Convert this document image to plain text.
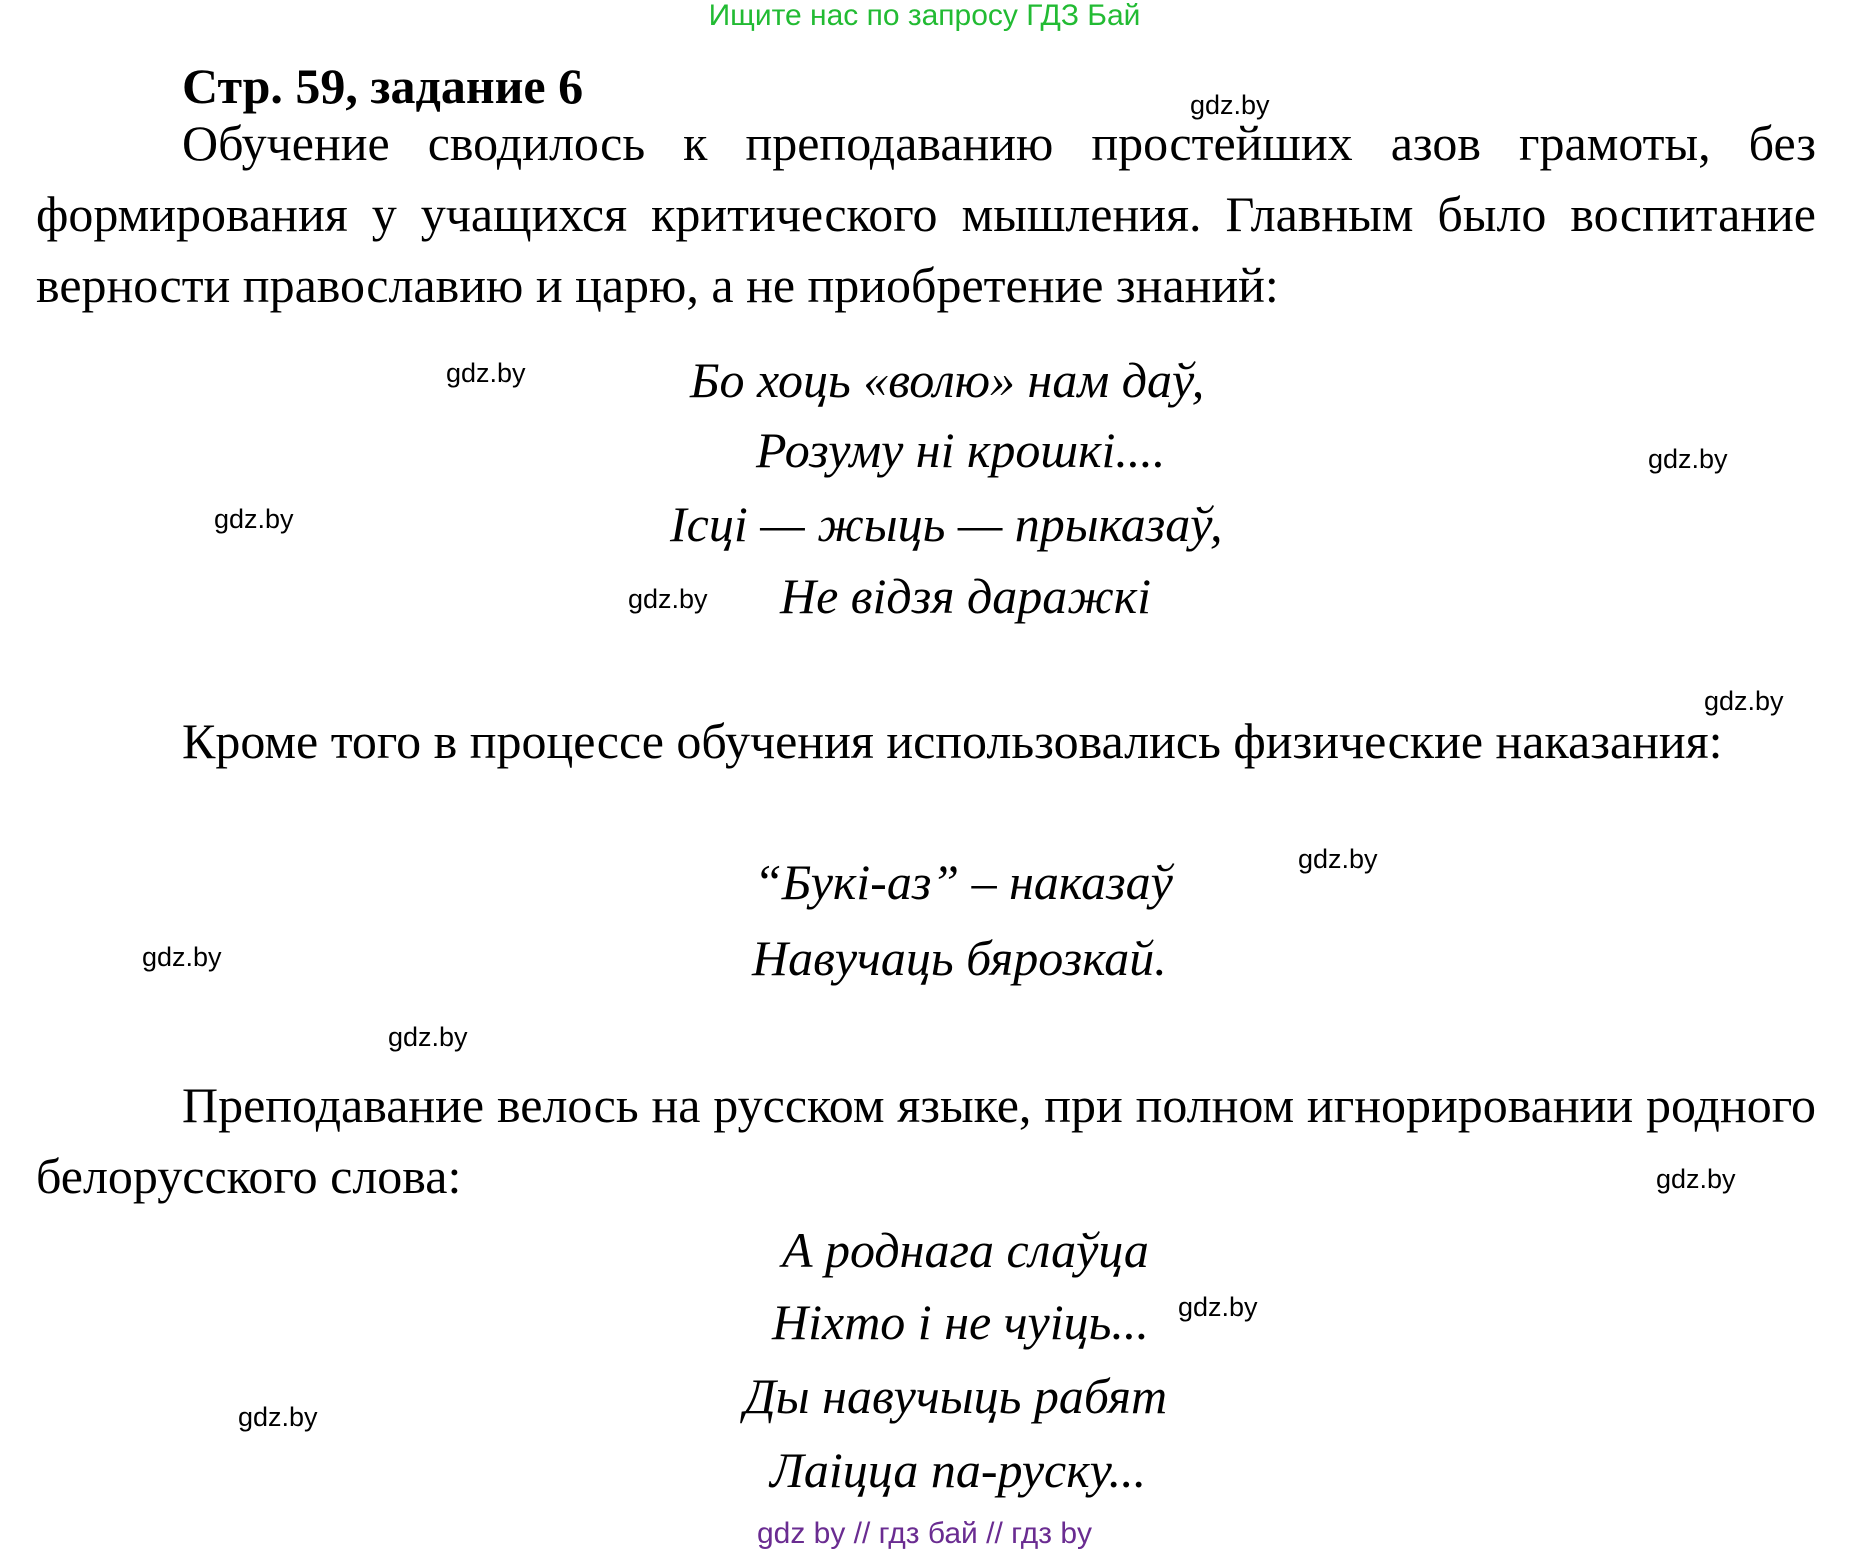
Ищите нас по запросу ГДЗ Бай
Стр. 59, задание 6
Обучение сводилось к преподаванию простейших азов грамоты, без формирования у учащихся критического мышления. Главным было воспитание верности православию и царю, а не приобретение знаний:
Бо хоць «волю» нам даў,
Розуму ні крошкі....
Ісці — жыць — прыказаў,
Не відзя даражкі
Кроме того в процессе обучения использовались физические наказания:
“Букі-аз” – наказаў
Навучаць бярозкай.
Преподавание велось на русском языке, при полном игнорировании родного белорусского слова:
А роднага слаўца
Ніхто і не чуіць...
Ды навучыць рабят
Лаіцца па-руску...
gdz.by
gdz.by
gdz.by
gdz.by
gdz.by
gdz.by
gdz.by
gdz.by
gdz.by
gdz.by
gdz.by
gdz.by
gdz by // гдз бай // гдз by
